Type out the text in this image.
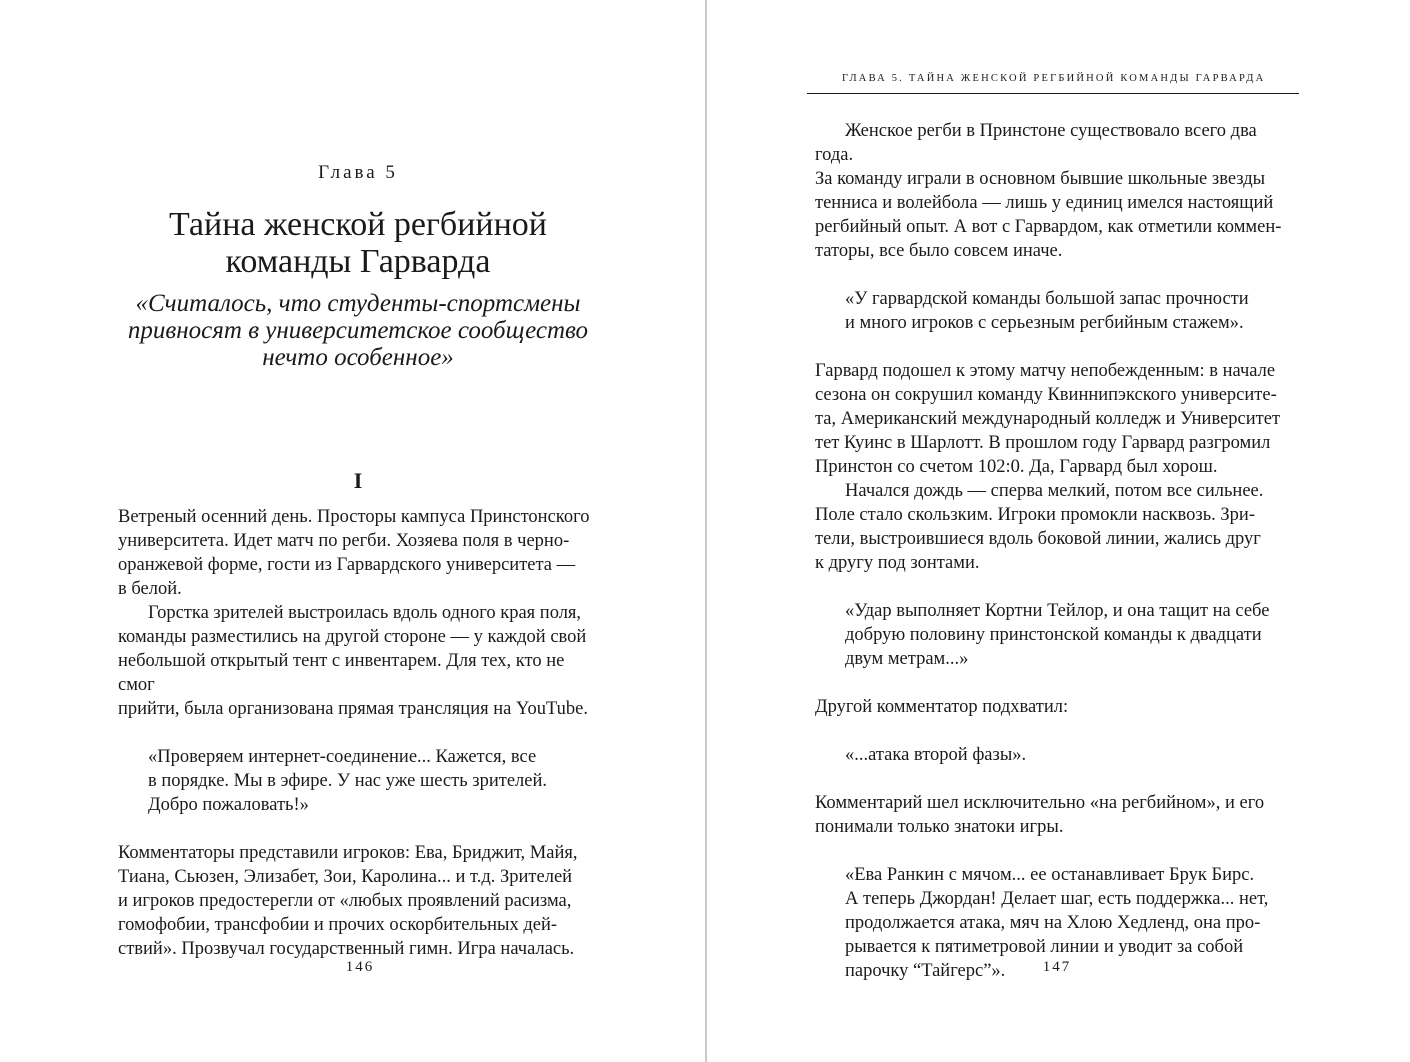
Глава 5

Тайна женской регбийной
команды Гарварда

«Считалось, что студенты-спортсмены
привносят в университетское сообщество
нечто особенное»

I

Ветреный осенний день. Просторы кампуса Принстонского
университета. Идет матч по регби. Хозяева поля в черно-
оранжевой форме, гости из Гарвардского университета —
в белой.

Горстка зрителей выстроилась вдоль одного края поля,
команды разместились на другой стороне — у каждой свой
небольшой открытый тент с инвентарем. Для тех, кто не смог
прийти, была организована прямая трансляция на YouTube.

«Проверяем интернет-соединение... Кажется, все
в порядке. Мы в эфире. У нас уже шесть зрителей.
Добро пожаловать!»

Комментаторы представили игроков: Ева, Бриджит, Майя,
Тиана, Сьюзен, Элизабет, Зои, Каролина... и т.д. Зрителей
и игроков предостерегли от «любых проявлений расизма,
гомофобии, трансфобии и прочих оскорбительных дей-
ствий». Прозвучал государственный гимн. Игра началась.

146
ГЛАВА 5. ТАЙНА ЖЕНСКОЙ РЕГБИЙНОЙ КОМАНДЫ ГАРВАРДА

Женское регби в Принстоне существовало всего два года.
За команду играли в основном бывшие школьные звезды
тенниса и волейбола — лишь у единиц имелся настоящий
регбийный опыт. А вот с Гарвардом, как отметили коммен-
таторы, все было совсем иначе.

«У гарвардской команды большой запас прочности
и много игроков с серьезным регбийным стажем».

Гарвард подошел к этому матчу непобежденным: в начале
сезона он сокрушил команду Квиннипэкского университе-
та, Американский международный колледж и Университет
тет Куинс в Шарлотт. В прошлом году Гарвард разгромил
Принстон со счетом 102:0. Да, Гарвард был хорош.

Начался дождь — сперва мелкий, потом все сильнее.
Поле стало скользким. Игроки промокли насквозь. Зри-
тели, выстроившиеся вдоль боковой линии, жались друг
к другу под зонтами.

«Удар выполняет Кортни Тейлор, и она тащит на себе
добрую половину принстонской команды к двадцати
двум метрам...»

Другой комментатор подхватил:

«...атака второй фазы».

Комментарий шел исключительно «на регбийном», и его
понимали только знатоки игры.

«Ева Ранкин с мячом... ее останавливает Брук Бирс.
А теперь Джордан! Делает шаг, есть поддержка... нет,
продолжается атака, мяч на Хлою Хедленд, она про-
рывается к пятиметровой линии и уводит за собой
парочку “Тайгерс”».	147
